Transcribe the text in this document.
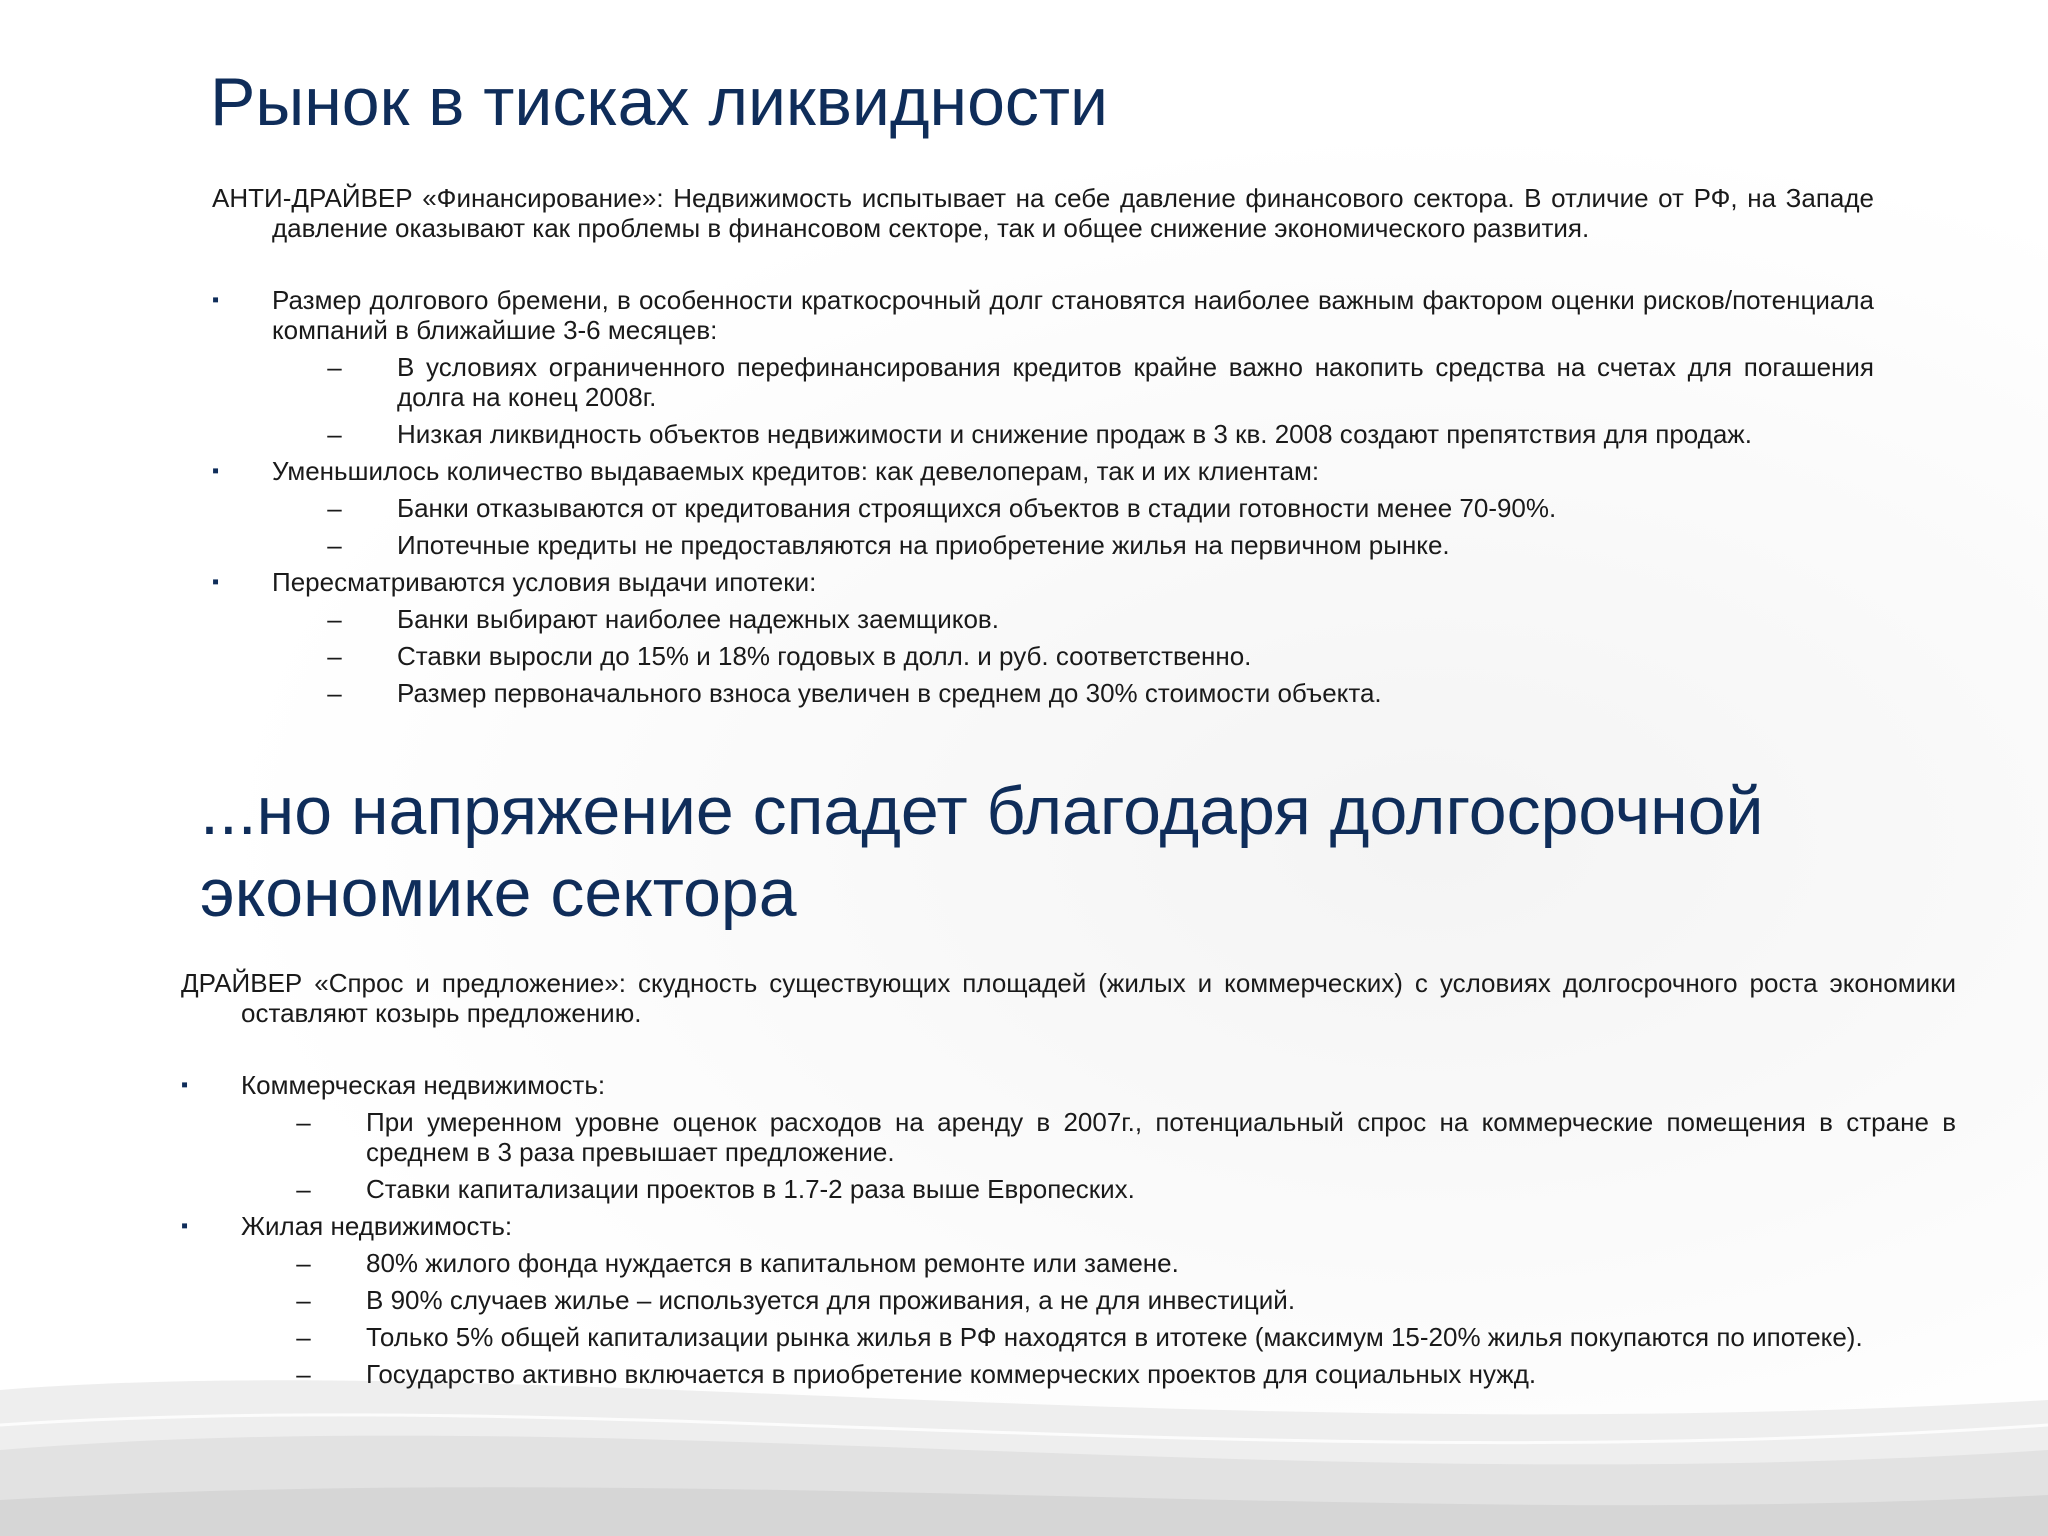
Рынок в тисках ликвидности

АНТИ-ДРАЙВЕР «Финансирование»: Недвижимость испытывает на себе давление финансового сектора. В отличие от РФ, на Западе давление оказывают как проблемы в финансовом секторе, так и общее снижение экономического развития.

▪	Размер долгового бремени, в особенности краткосрочный долг становятся наиболее важным фактором оценки рисков/потенциала компаний в ближайшие 3-6 месяцев:
–	В условиях ограниченного перефинансирования кредитов крайне важно накопить средства на счетах для погашения долга на конец 2008г.
–	Низкая ликвидность объектов недвижимости и снижение продаж в 3 кв. 2008 создают препятствия для продаж.
▪	Уменьшилось количество выдаваемых кредитов: как девелоперам, так и их клиентам:
–	Банки отказываются от кредитования строящихся объектов в стадии готовности менее 70-90%.
–	Ипотечные кредиты не предоставляются на приобретение жилья на первичном рынке.
▪	Пересматриваются условия выдачи ипотеки:
–	Банки выбирают наиболее надежных заемщиков.
–	Ставки выросли до 15% и 18% годовых в долл. и руб. соответственно.
–	Размер первоначального взноса увеличен в среднем до 30% стоимости объекта.
...но напряжение спадет благодаря долгосрочной экономике сектора

ДРАЙВЕР «Спрос и предложение»: скудность существующих площадей (жилых и коммерческих) с условиях долгосрочного роста экономики оставляют козырь предложению.

▪	Коммерческая недвижимость:
–	При умеренном уровне оценок расходов на аренду в 2007г., потенциальный спрос на коммерческие помещения в стране в среднем в 3 раза превышает предложение.
–	Ставки капитализации проектов в 1.7-2 раза выше Европеских.
▪	Жилая недвижимость:
–	80% жилого фонда нуждается в капитальном ремонте или замене.
–	В 90% случаев жилье – используется для проживания, а не для инвестиций.
–	Только 5% общей капитализации рынка жилья в РФ находятся в итотеке (максимум 15-20% жилья покупаются по ипотеке).
–	Государство активно включается в приобретение коммерческих проектов для социальных нужд.
